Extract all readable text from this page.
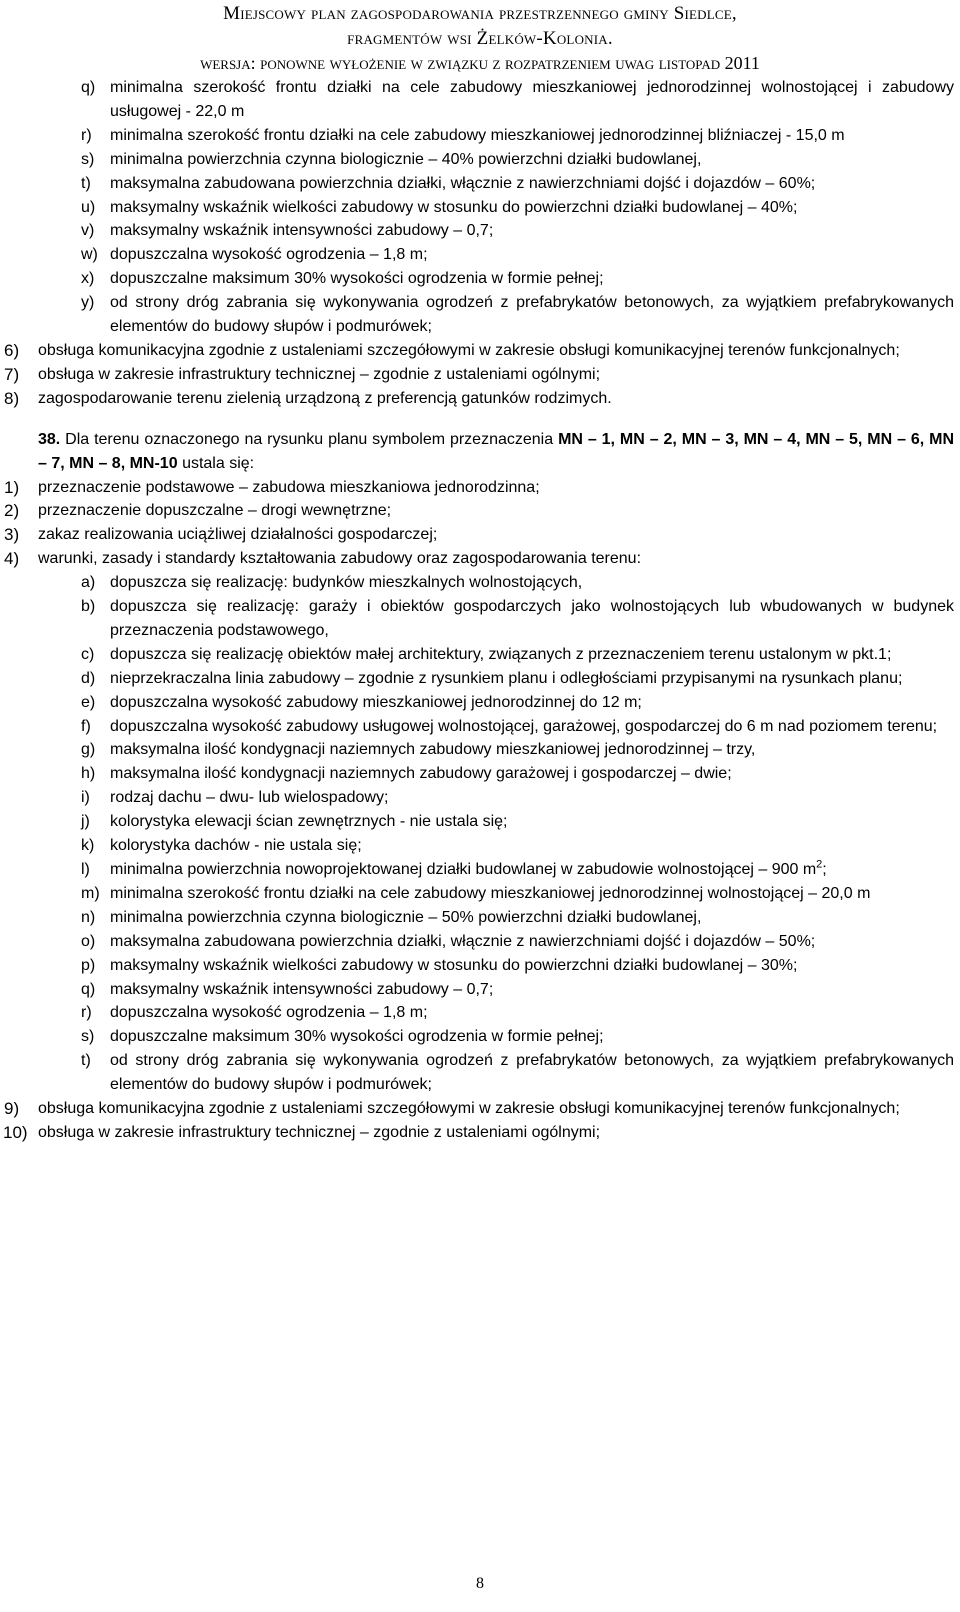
Miejscowy plan zagospodarowania przestrzennego gminy Siedlce,
fragmentów wsi Żelków-Kolonia.
wersja: ponowne wyłożenie w związku z rozpatrzeniem uwag listopad 2011
q) minimalna szerokość frontu działki na cele zabudowy mieszkaniowej jednorodzinnej wolnostojącej i zabudowy usługowej - 22,0 m
r) minimalna szerokość frontu działki na cele zabudowy mieszkaniowej jednorodzinnej bliźniaczej - 15,0 m
s) minimalna powierzchnia czynna biologicznie – 40% powierzchni działki budowlanej,
t) maksymalna zabudowana powierzchnia działki, włącznie z nawierzchniami dojść i dojazdów – 60%;
u) maksymalny wskaźnik wielkości zabudowy w stosunku do powierzchni działki budowlanej – 40%;
v) maksymalny wskaźnik intensywności zabudowy – 0,7;
w) dopuszczalna wysokość ogrodzenia – 1,8 m;
x) dopuszczalne maksimum 30% wysokości ogrodzenia w formie pełnej;
y) od strony dróg zabrania się wykonywania ogrodzeń z prefabrykatów betonowych, za wyjątkiem prefabrykowanych elementów do budowy słupów i podmurówek;
6) obsługa komunikacyjna zgodnie z ustaleniami szczegółowymi w zakresie obsługi komunikacyjnej terenów funkcjonalnych;
7) obsługa w zakresie infrastruktury technicznej – zgodnie z ustaleniami ogólnymi;
8) zagospodarowanie terenu zielenią urządzoną z preferencją gatunków rodzimych.
38. Dla terenu oznaczonego na rysunku planu symbolem przeznaczenia MN – 1, MN – 2, MN – 3, MN – 4, MN – 5, MN – 6, MN – 7, MN – 8, MN-10 ustala się:
1) przeznaczenie podstawowe – zabudowa mieszkaniowa jednorodzinna;
2) przeznaczenie dopuszczalne – drogi wewnętrzne;
3) zakaz realizowania uciążliwej działalności gospodarczej;
4) warunki, zasady i standardy kształtowania zabudowy oraz zagospodarowania terenu:
a) dopuszcza się realizację: budynków mieszkalnych wolnostojących,
b) dopuszcza się realizację: garaży i obiektów gospodarczych jako wolnostojących lub wbudowanych w budynek przeznaczenia podstawowego,
c) dopuszcza się realizację obiektów małej architektury, związanych z przeznaczeniem terenu ustalonym w pkt.1;
d) nieprzekraczalna linia zabudowy – zgodnie z rysunkiem planu i odległościami przypisanymi na rysunkach planu;
e) dopuszczalna wysokość zabudowy mieszkaniowej jednorodzinnej do 12 m;
f) dopuszczalna wysokość zabudowy usługowej wolnostojącej, garażowej, gospodarczej do 6 m nad poziomem terenu;
g) maksymalna ilość kondygnacji naziemnych zabudowy mieszkaniowej jednorodzinnej – trzy,
h) maksymalna ilość kondygnacji naziemnych zabudowy garażowej i gospodarczej – dwie;
i) rodzaj dachu – dwu- lub wielospadowy;
j) kolorystyka elewacji ścian zewnętrznych - nie ustala się;
k) kolorystyka dachów - nie ustala się;
l) minimalna powierzchnia nowoprojektowanej działki budowlanej w zabudowie wolnostojącej – 900 $m^2$;
m) minimalna szerokość frontu działki na cele zabudowy mieszkaniowej jednorodzinnej wolnostojącej – 20,0 m
n) minimalna powierzchnia czynna biologicznie – 50% powierzchni działki budowlanej,
o) maksymalna zabudowana powierzchnia działki, włącznie z nawierzchniami dojść i dojazdów – 50%;
p) maksymalny wskaźnik wielkości zabudowy w stosunku do powierzchni działki budowlanej – 30%;
q) maksymalny wskaźnik intensywności zabudowy – 0,7;
r) dopuszczalna wysokość ogrodzenia – 1,8 m;
s) dopuszczalne maksimum 30% wysokości ogrodzenia w formie pełnej;
t) od strony dróg zabrania się wykonywania ogrodzeń z prefabrykatów betonowych, za wyjątkiem prefabrykowanych elementów do budowy słupów i podmurówek;
9) obsługa komunikacyjna zgodnie z ustaleniami szczegółowymi w zakresie obsługi komunikacyjnej terenów funkcjonalnych;
10) obsługa w zakresie infrastruktury technicznej – zgodnie z ustaleniami ogólnymi;
8
